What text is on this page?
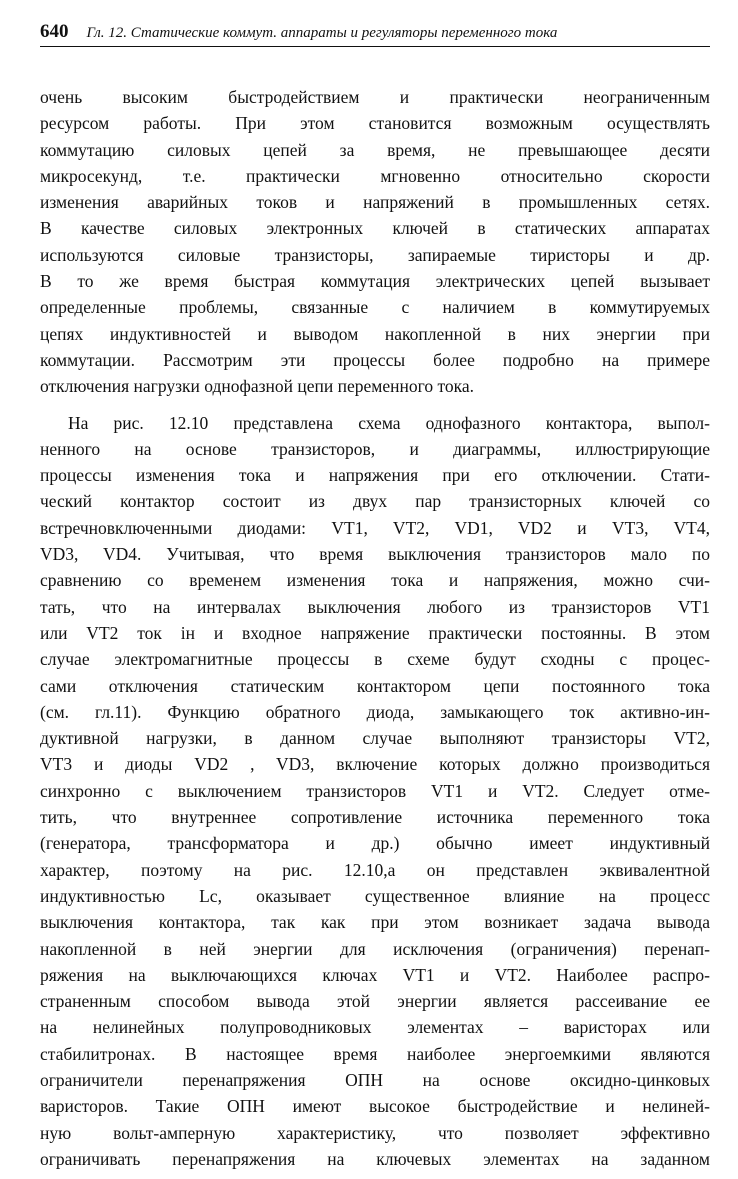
640 Гл. 12. Статические коммут. аппараты и регуляторы переменного тока
очень высоким быстродействием и практически неограниченным
ресурсом работы. При этом становится возможным осуществлять
коммутацию силовых цепей за время, не превышающее десяти
микросекунд, т.е. практически мгновенно относительно скорости
изменения аварийных токов и напряжений в промышленных сетях.
В качестве силовых электронных ключей в статических аппаратах
используются силовые транзисторы, запираемые тиристоры и др.
В то же время быстрая коммутация электрических цепей вызывает
определенные проблемы, связанные с наличием в коммутируемых
цепях индуктивностей и выводом накопленной в них энергии при
коммутации. Рассмотрим эти процессы более подробно на примере
отключения нагрузки однофазной цепи переменного тока.
На рис. 12.10 представлена схема однофазного контактора, выпол-
ненного на основе транзисторов, и диаграммы, иллюстрирующие
процессы изменения тока и напряжения при его отключении. Стати-
ческий контактор состоит из двух пар транзисторных ключей со
встречновключенными диодами: VT1, VT2, VD1, VD2 и VT3, VT4,
VD3, VD4. Учитывая, что время выключения транзисторов мало по
сравнению со временем изменения тока и напряжения, можно счи-
тать, что на интервалах выключения любого из транзисторов VT1
или VT2 ток iн и входное напряжение практически постоянны. В этом
случае электромагнитные процессы в схеме будут сходны с процес-
сами отключения статическим контактором цепи постоянного тока
(см. гл.11). Функцию обратного диода, замыкающего ток активно-ин-
дуктивной нагрузки, в данном случае выполняют транзисторы VT2,
VT3 и диоды VD2 , VD3, включение которых должно производиться
синхронно с выключением транзисторов VT1 и VT2. Следует отме-
тить, что внутреннее сопротивление источника переменного тока
(генератора, трансформатора и др.) обычно имеет индуктивный
характер, поэтому на рис. 12.10,а он представлен эквивалентной
индуктивностью Lс, оказывает существенное влияние на процесс
выключения контактора, так как при этом возникает задача вывода
накопленной в ней энергии для исключения (ограничения) перенап-
ряжения на выключающихся ключах VT1 и VT2. Наиболее распро-
страненным способом вывода этой энергии является рассеивание ее
на нелинейных полупроводниковых элементах – варисторах или
стабилитронах. В настоящее время наиболее энергоемкими являются
ограничители перенапряжения ОПН на основе оксидно-цинковых
варисторов. Такие ОПН имеют высокое быстродействие и нелиней-
ную вольт-амперную характеристику, что позволяет эффективно
ограничивать перенапряжения на ключевых элементах на заданном
